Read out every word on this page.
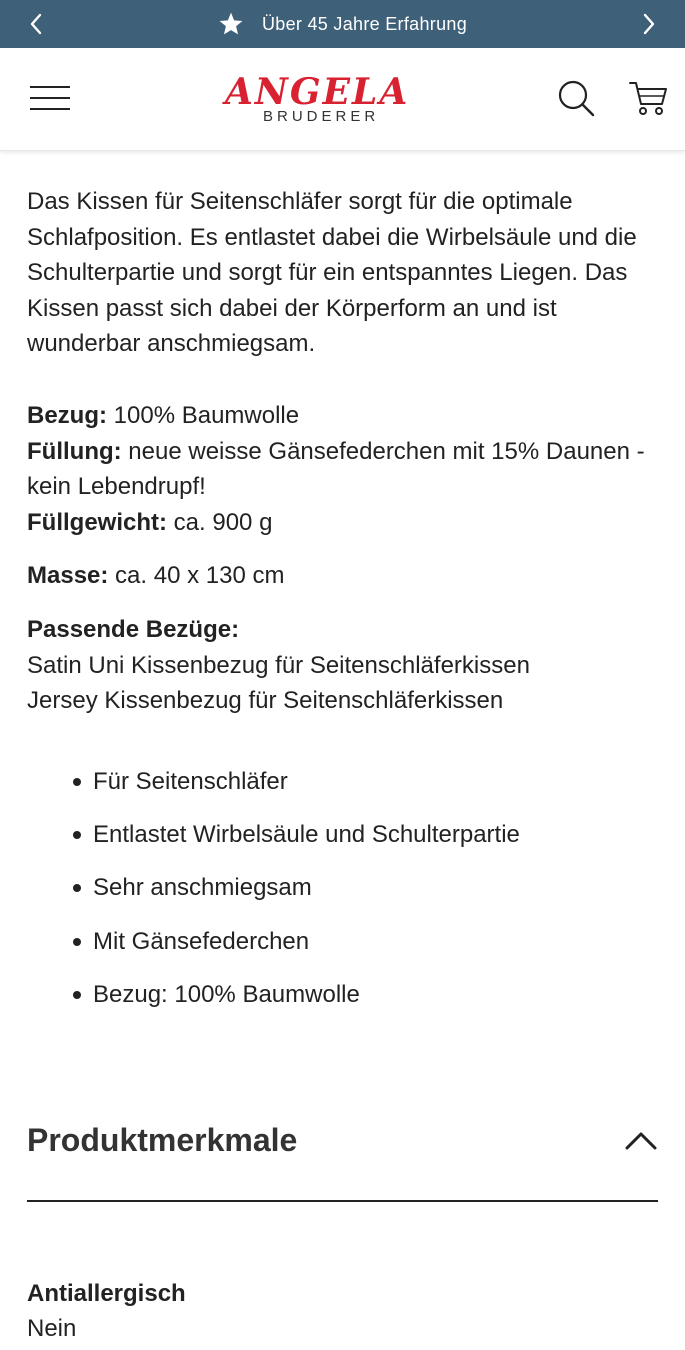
Über 45 Jahre Erfahrung
ANGELA
BRUDERER

Das Kissen für Seitenschläfer sorgt für die optimale Schlafposition. Es entlastet dabei die Wirbelsäule und die Schulterpartie und sorgt für ein entspanntes Liegen. Das Kissen passt sich dabei der Körperform an und ist wunderbar anschmiegsam.

Bezug: 100% Baumwolle

Füllung: neue weisse Gänsefederchen mit 15% Daunen - kein Lebendrupf!

Füllgewicht: ca. 900 g

Masse: ca. 40 x 130 cm

Passende Bezüge:

Satin Uni Kissenbezug für Seitenschläferkissen

Jersey Kissenbezug für Seitenschläferkissen

Für Seitenschläfer
Entlastet Wirbelsäule und Schulterpartie
Sehr anschmiegsam
Mit Gänsefederchen
Bezug: 100% Baumwolle
Produktmerkmale
Antiallergisch
Nein
